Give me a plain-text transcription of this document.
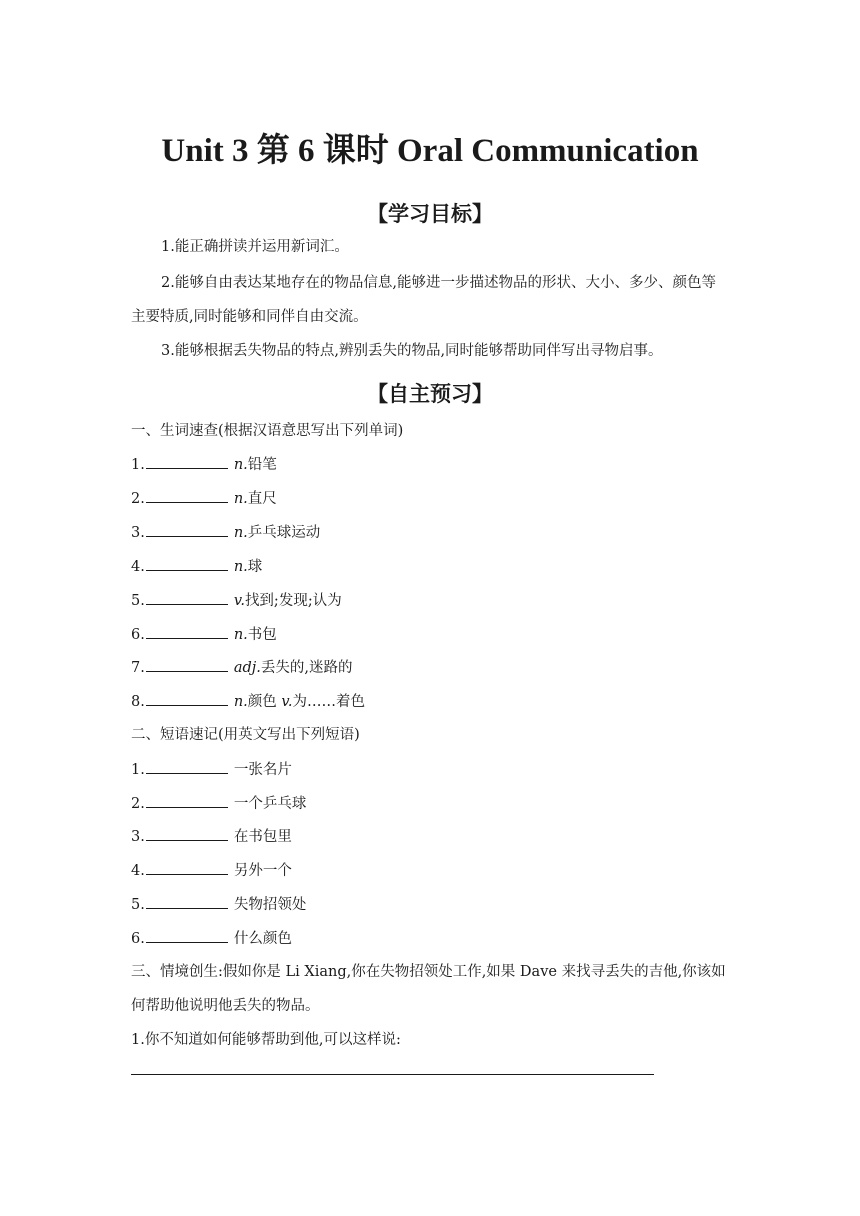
Unit 3 第 6 课时 Oral Communication
【学习目标】
1.能正确拼读并运用新词汇。
2.能够自由表达某地存在的物品信息,能够进一步描述物品的形状、大小、多少、颜色等
主要特质,同时能够和同伴自由交流。
3.能够根据丢失物品的特点,辨别丢失的物品,同时能够帮助同伴写出寻物启事。
【自主预习】
一、生词速查(根据汉语意思写出下列单词)
1.	n.铅笔
2.	n.直尺
3.	n.乒乓球运动
4.	n.球
5.	v.找到;发现;认为
6.	n.书包
7.	adj.丢失的,迷路的
8.	n.颜色 v.为……着色
二、短语速记(用英文写出下列短语)
1.	一张名片
2.	一个乒乓球
3.	在书包里
4.	另外一个
5.	失物招领处
6.	什么颜色
三、情境创生:假如你是 Li Xiang,你在失物招领处工作,如果 Dave 来找寻丢失的吉他,你该如
何帮助他说明他丢失的物品。
1.你不知道如何能够帮助到他,可以这样说:
